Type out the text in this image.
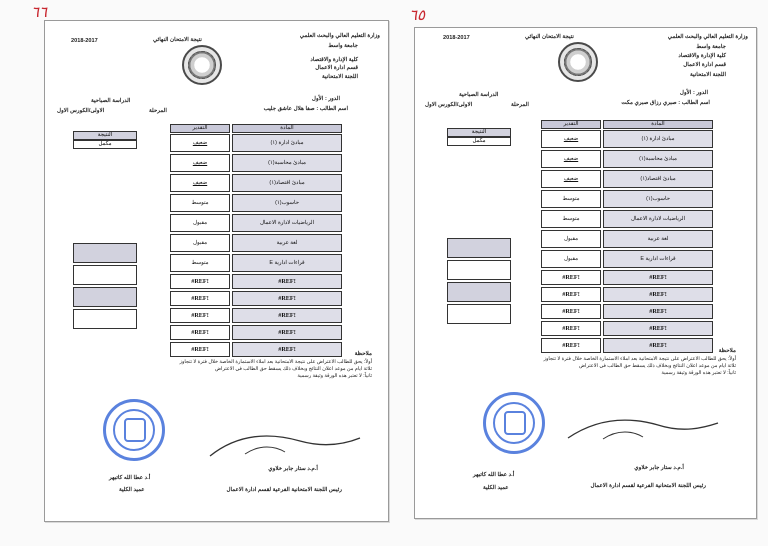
٦٦
وزارة التعليم العالي والبحث العلمي
جامعة واسط
كلية الإدارة والاقتصاد
قسم ادارة الاعمال
اللجنة الامتحانية
نتيجة الامتحان النهائي
2018-2017
الدور : الأول
اسم الطالب : صفا هلال عاشق جليب
الدراسة الصباحية
المرحلة
الاولى/الكورس الاول
النتيجة
مكمل
المادة
التقدير
مبادئ ادارة (١)
ضعيف
مبادئ محاسبة(١)
ضعيف
مبادئ اقتصاد(١)
ضعيف
حاسوب(١)
متوسط
الرياضيات لادارة الاعمال
مقبول
لغة عربية
مقبول
قراءات ادارية E
متوسط
#REF!
#REF!
#REF!
#REF!
#REF!
#REF!
#REF!
#REF!
#REF!
#REF!
ملاحظة
أولاً: يحق للطالب الاعتراض على نتيجة الامتحانية بعد املاء الاستمارة الخاصة خلال فترة لا تتجاوز
ثلاثة ايام من موعد اعلان النتائج وبخلاف ذلك يسقط حق الطالب في الاعتراض
ثانياً: لا تعتبر هذه الورقة وثيقة رسمية
أ.م.د ستار جابر خلاوي
رئيس اللجنة الامتحانية الفرعية لقسم ادارة الاعمال
أ.د عطا الله كاتبهر
عميد الكلية
٦٥
وزارة التعليم العالي والبحث العلمي
جامعة واسط
كلية الإدارة والاقتصاد
قسم ادارة الاعمال
اللجنة الامتحانية
نتيجة الامتحان النهائي
2018-2017
الدور : الأول
اسم الطالب : صبري رزاق صبري مكت
الدراسة الصباحية
المرحلة
الاولى/الكورس الاول
النتيجة
مكمل
المادة
التقدير
مبادئ ادارة (١)
ضعيف
مبادئ محاسبة(١)
ضعيف
مبادئ اقتصاد(١)
ضعيف
حاسوب(١)
متوسط
الرياضيات لادارة الاعمال
متوسط
لغة عربية
مقبول
قراءات ادارية E
مقبول
#REF!
#REF!
#REF!
#REF!
#REF!
#REF!
#REF!
#REF!
#REF!
#REF!
ملاحظة
أولاً: يحق للطالب الاعتراض على نتيجة الامتحانية بعد املاء الاستمارة الخاصة خلال فترة لا تتجاوز
ثلاثة ايام من موعد اعلان النتائج وبخلاف ذلك يسقط حق الطالب في الاعتراض
ثانياً: لا تعتبر هذه الورقة وثيقة رسمية
أ.م.د ستار جابر خلاوي
رئيس اللجنة الامتحانية الفرعية لقسم ادارة الاعمال
أ.د عطا الله كاتبهر
عميد الكلية
